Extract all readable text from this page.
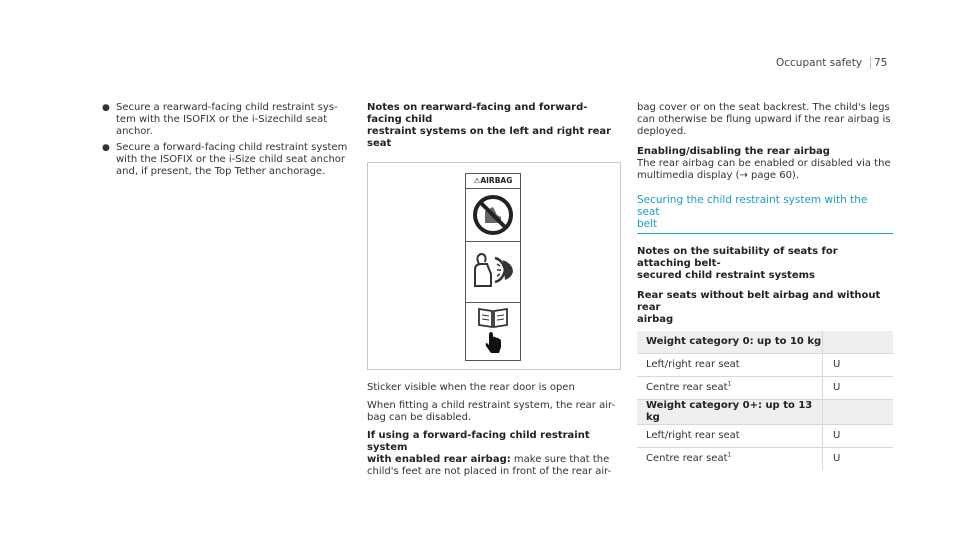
Occupant safety	75
● Secure a rearward-facing child restraint sys-
tem with the ISOFIX or the i-Sizechild seat
anchor.
● Secure a forward-facing child restraint system
with the ISOFIX or the i-Size child seat anchor
and, if present, the Top Tether anchorage.
Notes on rearward-facing and forward-facing child
restraint systems on the left and right rear seat
⚠AIRBAG

Sticker visible when the rear door is open

When fitting a child restraint system, the rear air-
bag can be disabled.

If using a forward-facing child restraint system
with enabled rear airbag: make sure that the
child's feet are not placed in front of the rear air-

bag cover or on the seat backrest. The child's legs
can otherwise be flung upward if the rear airbag is
deployed.

Enabling/disabling the rear airbag

The rear airbag can be enabled or disabled via the
multimedia display (→ page 60).

Securing the child restraint system with the seat
belt
Notes on the suitability of seats for attaching belt-
secured child restraint systems
Rear seats without belt airbag and without rear
airbag
Weight category 0: up to 10 kg	
Left/right rear seat	U
Centre rear seat$^1$	U
Weight category 0+: up to 13 kg	
Left/right rear seat	U
Centre rear seat$^1$	U
